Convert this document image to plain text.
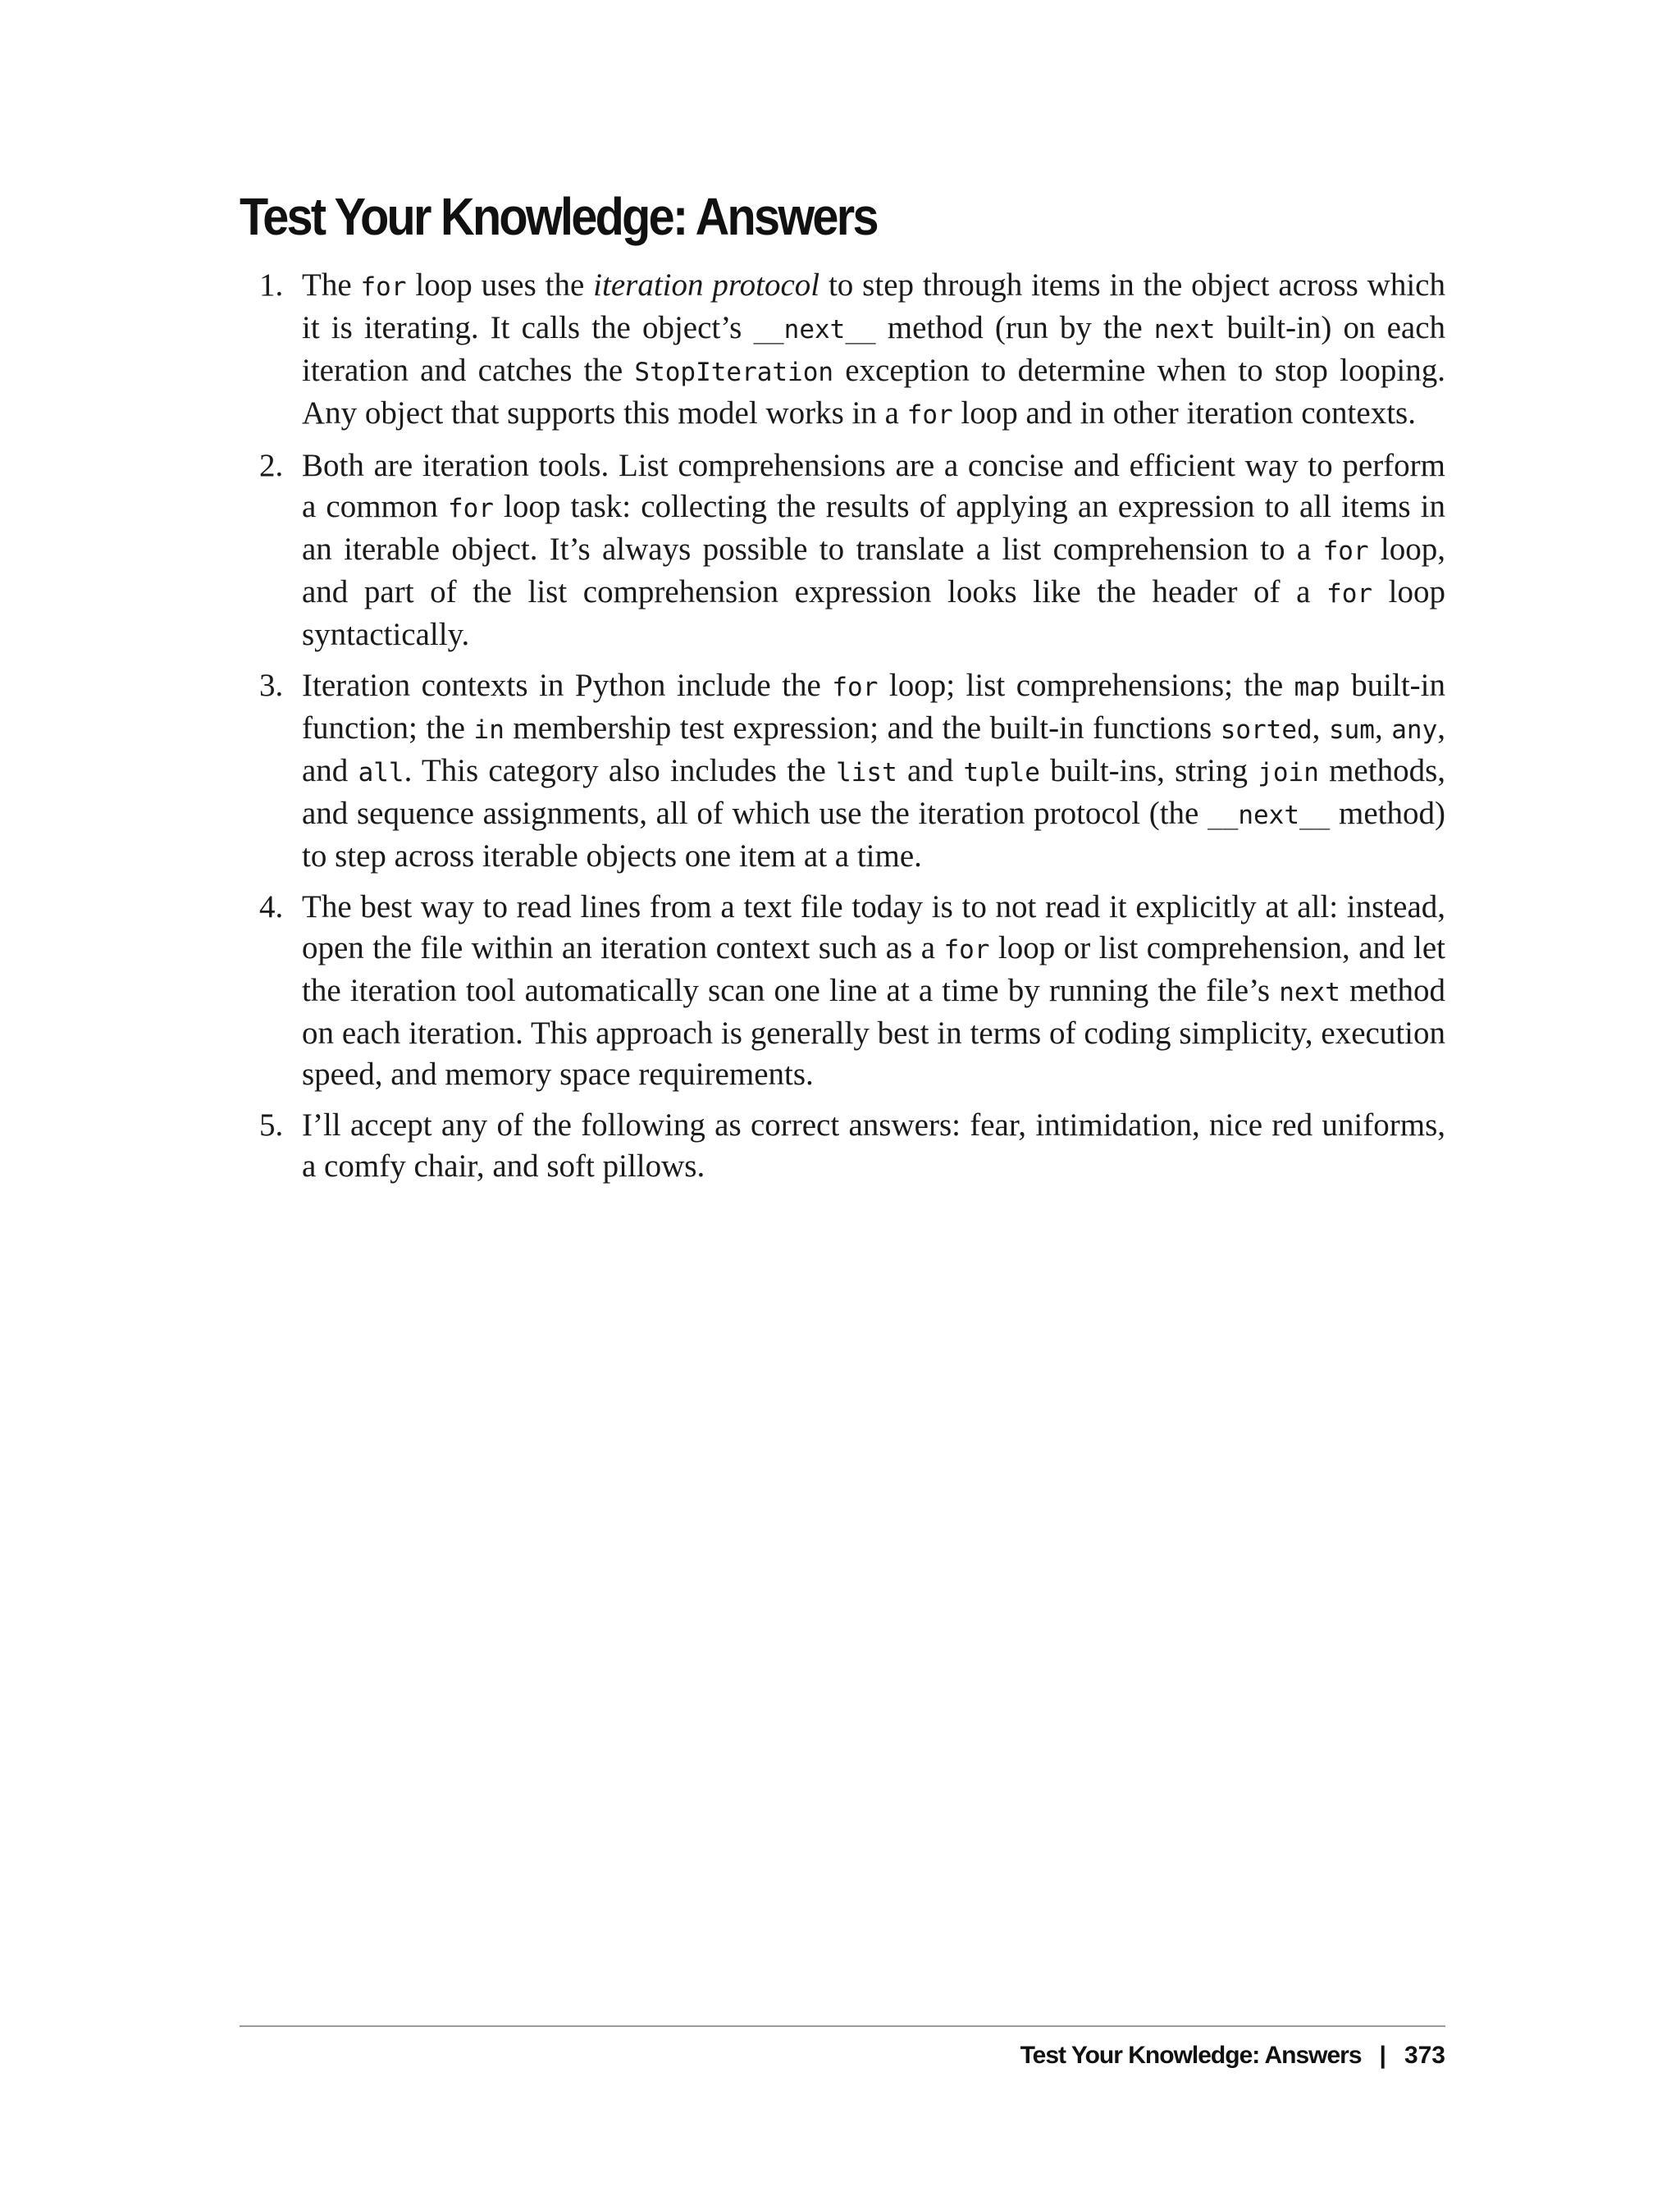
Test Your Knowledge: Answers
1. The for loop uses the iteration protocol to step through items in the object across which it is iterating. It calls the object’s __next__ method (run by the next built-in) on each iteration and catches the StopIteration exception to determine when to stop looping. Any object that supports this model works in a for loop and in other iteration contexts.
2. Both are iteration tools. List comprehensions are a concise and efficient way to perform a common for loop task: collecting the results of applying an expression to all items in an iterable object. It’s always possible to translate a list comprehension to a for loop, and part of the list comprehension expression looks like the header of a for loop syntactically.
3. Iteration contexts in Python include the for loop; list comprehensions; the map built-in function; the in membership test expression; and the built-in functions sorted, sum, any, and all. This category also includes the list and tuple built-ins, string join methods, and sequence assignments, all of which use the iteration protocol (the __next__ method) to step across iterable objects one item at a time.
4. The best way to read lines from a text file today is to not read it explicitly at all: instead, open the file within an iteration context such as a for loop or list comprehension, and let the iteration tool automatically scan one line at a time by running the file’s next method on each iteration. This approach is generally best in terms of coding simplicity, execution speed, and memory space requirements.
5. I’ll accept any of the following as correct answers: fear, intimidation, nice red uniforms, a comfy chair, and soft pillows.
Test Your Knowledge: Answers | 373
